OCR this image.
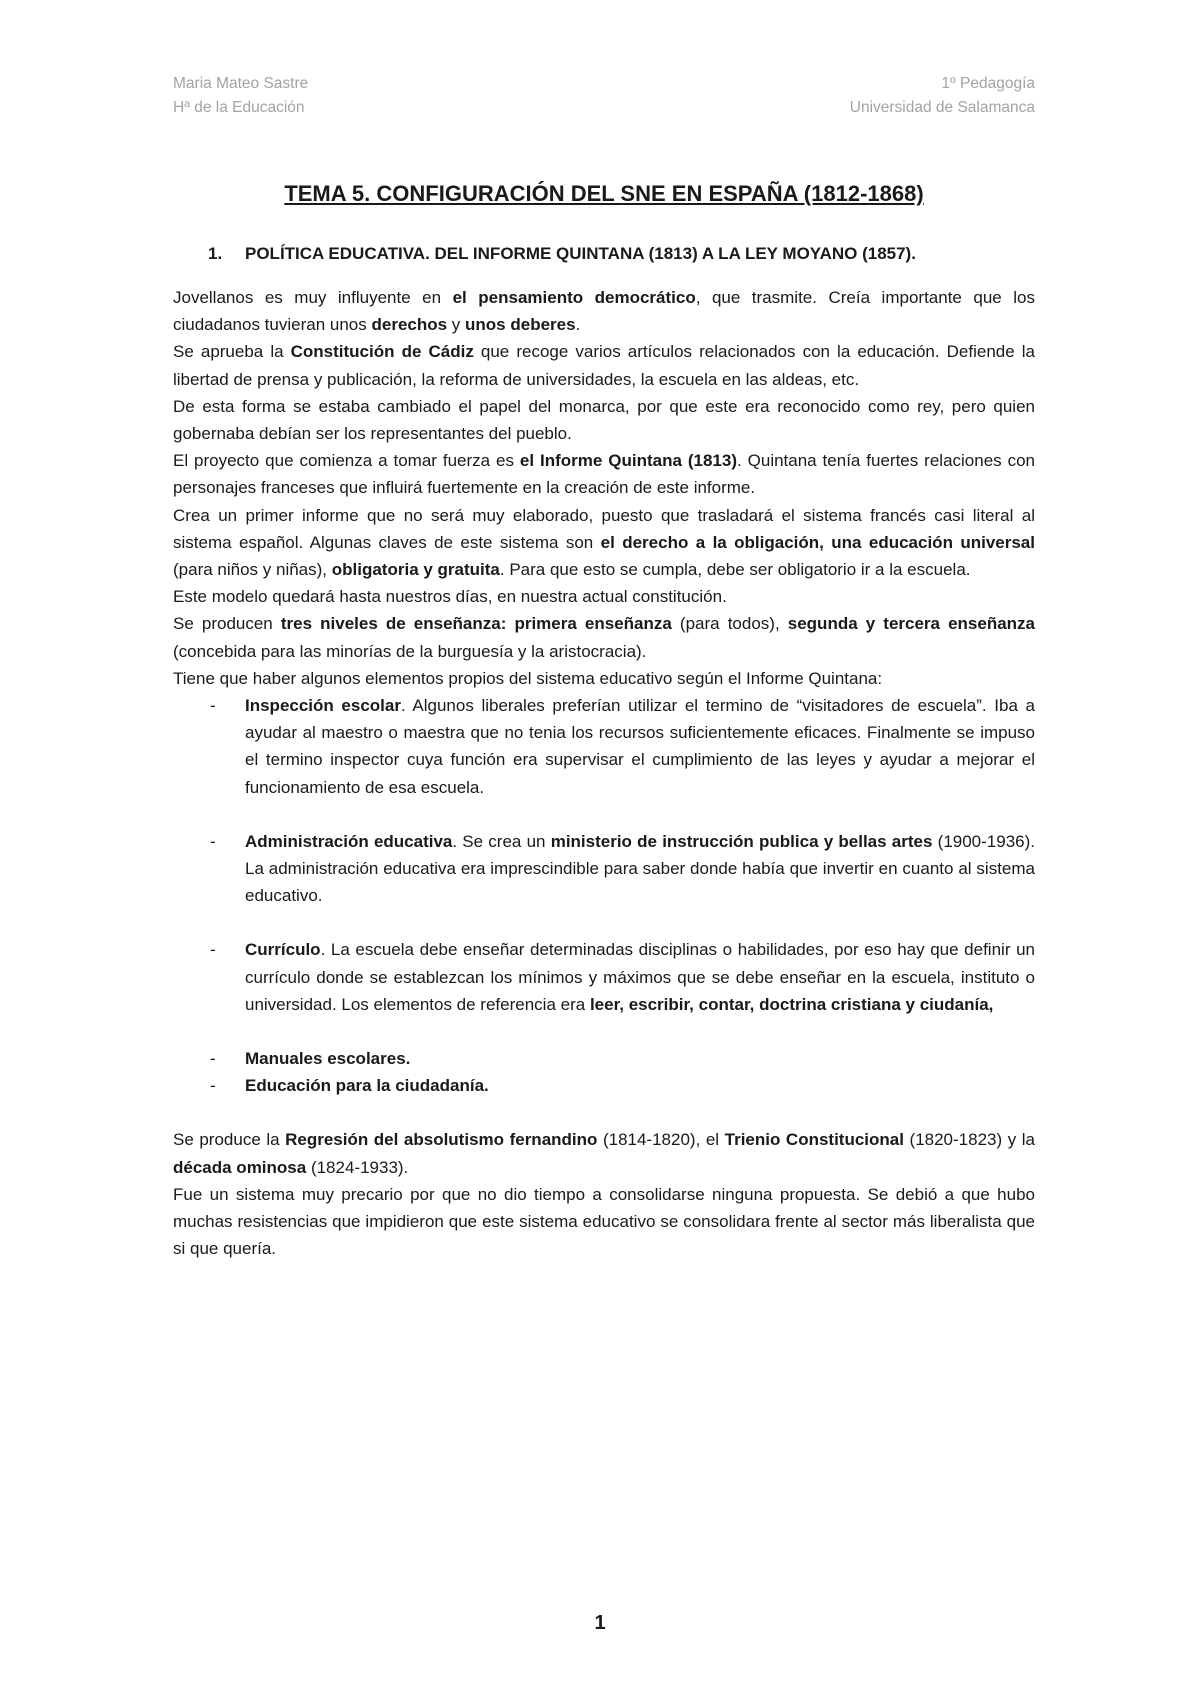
Maria Mateo Sastre
Hª de la Educación
1º Pedagogía
Universidad de Salamanca
TEMA 5. CONFIGURACIÓN DEL SNE EN ESPAÑA (1812-1868)
1.	POLÍTICA EDUCATIVA. DEL INFORME QUINTANA (1813) A LA LEY MOYANO (1857).

Jovellanos es muy influyente en el pensamiento democrático, que trasmite. Creía importante que los ciudadanos tuvieran unos derechos y unos deberes.

Se aprueba la Constitución de Cádiz que recoge varios artículos relacionados con la educación. Defiende la libertad de prensa y publicación, la reforma de universidades, la escuela en las aldeas, etc.

De esta forma se estaba cambiado el papel del monarca, por que este era reconocido como rey, pero quien gobernaba debían ser los representantes del pueblo.

El proyecto que comienza a tomar fuerza es el Informe Quintana (1813). Quintana tenía fuertes relaciones con personajes franceses que influirá fuertemente en la creación de este informe.

Crea un primer informe que no será muy elaborado, puesto que trasladará el sistema francés casi literal al sistema español. Algunas claves de este sistema son el derecho a la obligación, una educación universal (para niños y niñas), obligatoria y gratuita. Para que esto se cumpla, debe ser obligatorio ir a la escuela.

Este modelo quedará hasta nuestros días, en nuestra actual constitución.

Se producen tres niveles de enseñanza: primera enseñanza (para todos), segunda y tercera enseñanza (concebida para las minorías de la burguesía y la aristocracia).

Tiene que haber algunos elementos propios del sistema educativo según el Informe Quintana:

- Inspección escolar. Algunos liberales preferían utilizar el termino de “visitadores de escuela”. Iba a ayudar al maestro o maestra que no tenia los recursos suficientemente eficaces. Finalmente se impuso el termino inspector cuya función era supervisar el cumplimiento de las leyes y ayudar a mejorar el funcionamiento de esa escuela.
- Administración educativa. Se crea un ministerio de instrucción publica y bellas artes (1900-1936). La administración educativa era imprescindible para saber donde había que invertir en cuanto al sistema educativo.
- Currículo. La escuela debe enseñar determinadas disciplinas o habilidades, por eso hay que definir un currículo donde se establezcan los mínimos y máximos que se debe enseñar en la escuela, instituto o universidad. Los elementos de referencia era leer, escribir, contar, doctrina cristiana y ciudanía,
- Manuales escolares.
- Educación para la ciudadanía.

Se produce la Regresión del absolutismo fernandino (1814-1820), el Trienio Constitucional (1820-1823) y la década ominosa (1824-1933).

Fue un sistema muy precario por que no dio tiempo a consolidarse ninguna propuesta. Se debió a que hubo muchas resistencias que impidieron que este sistema educativo se consolidara frente al sector más liberalista que si que quería.

1
